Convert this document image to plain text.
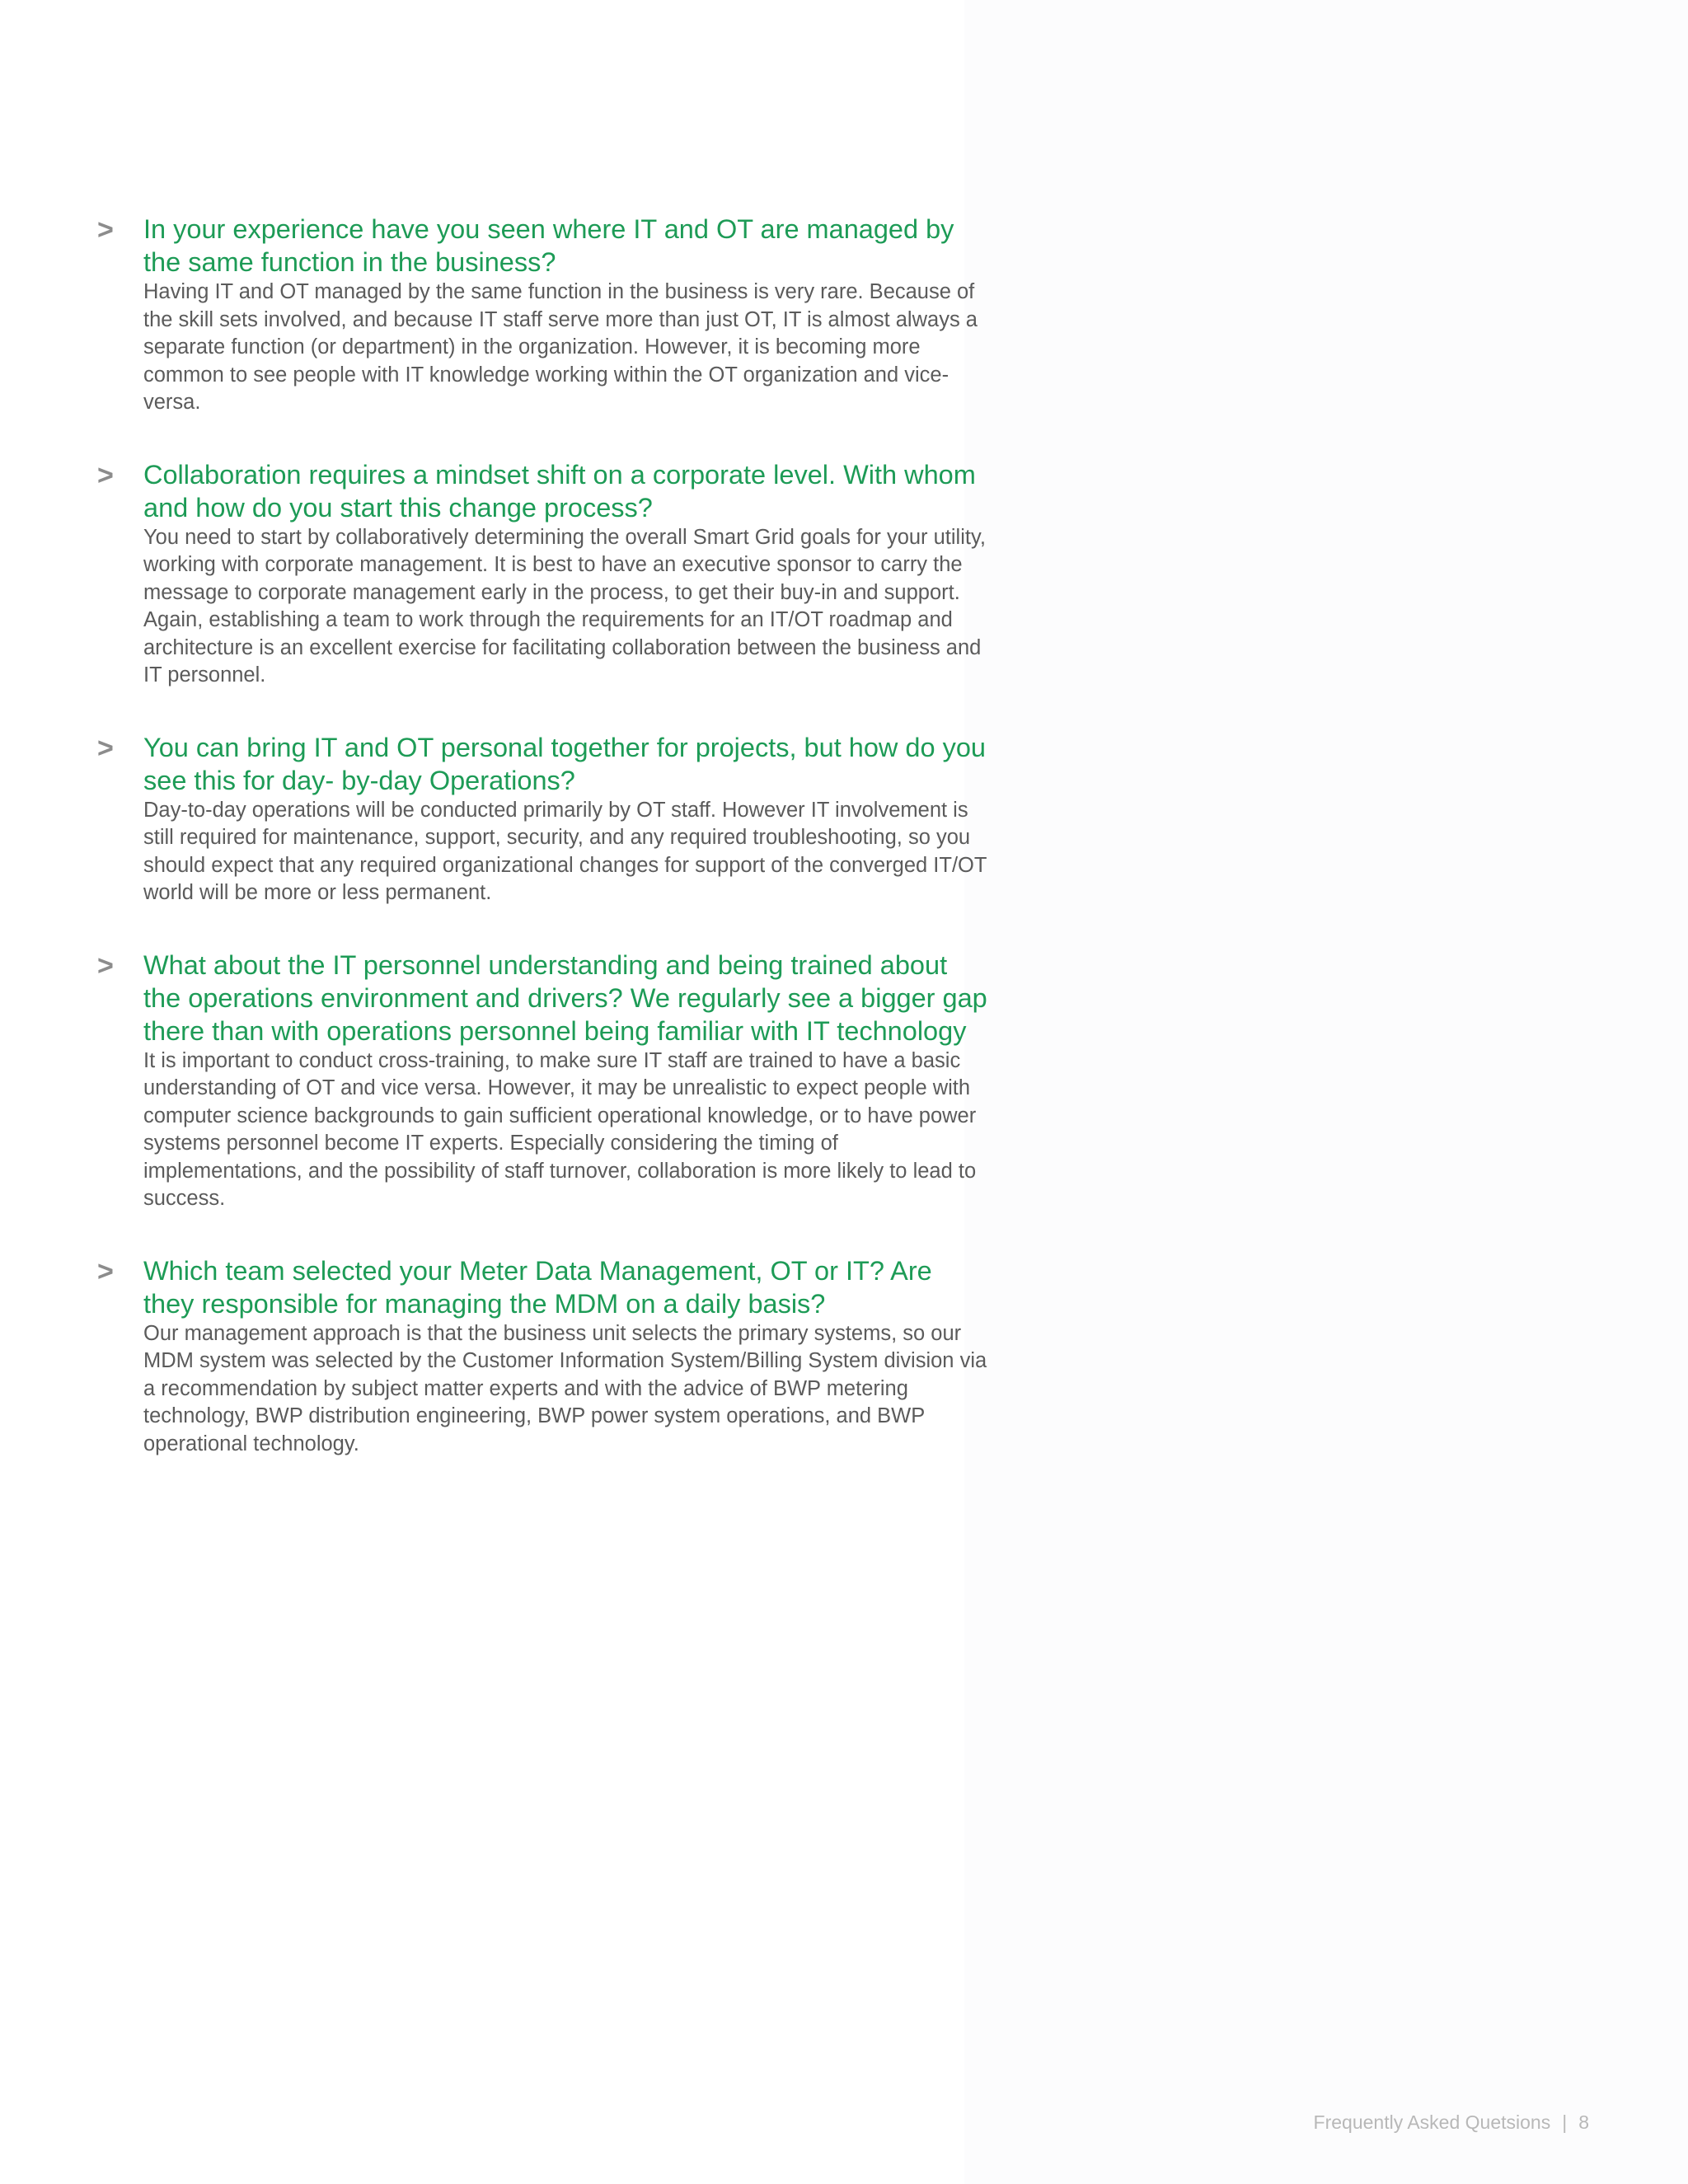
> In your experience have you seen where IT and OT are managed by the same function in the business?
Having IT and OT managed by the same function in the business is very rare. Because of the skill sets involved, and because IT staff serve more than just OT, IT is almost always a separate function (or department) in the organization. However, it is becoming more common to see people with IT knowledge working within the OT organization and vice-versa.
> Collaboration requires a mindset shift on a corporate level. With whom and how do you start this change process?
You need to start by collaboratively determining the overall Smart Grid goals for your utility, working with corporate management. It is best to have an executive sponsor to carry the message to corporate management early in the process, to get their buy-in and support. Again, establishing a team to work through the requirements for an IT/OT roadmap and architecture is an excellent exercise for facilitating collaboration between the business and IT personnel.
> You can bring IT and OT personal together for projects, but how do you see this for day- by-day Operations?
Day-to-day operations will be conducted primarily by OT staff. However IT involvement is still required for maintenance, support, security, and any required troubleshooting, so you should expect that any required organizational changes for support of the converged IT/OT world will be more or less permanent.
> What about the IT personnel understanding and being trained about the operations environment and drivers? We regularly see a bigger gap there than with operations personnel being familiar with IT technology
It is important to conduct cross-training, to make sure IT staff are trained to have a basic understanding of OT and vice versa. However, it may be unrealistic to expect people with computer science backgrounds to gain sufficient operational knowledge, or to have power systems personnel become IT experts. Especially considering the timing of implementations, and the possibility of staff turnover, collaboration is more likely to lead to success.
> Which team selected your Meter Data Management, OT or IT? Are they responsible for managing the MDM on a daily basis?
Our management approach is that the business unit selects the primary systems, so our MDM system was selected by the Customer Information System/Billing System division via a recommendation by subject matter experts and with the advice of BWP metering technology, BWP distribution engineering, BWP power system operations, and BWP operational technology.
Frequently Asked Quetsions | 8
